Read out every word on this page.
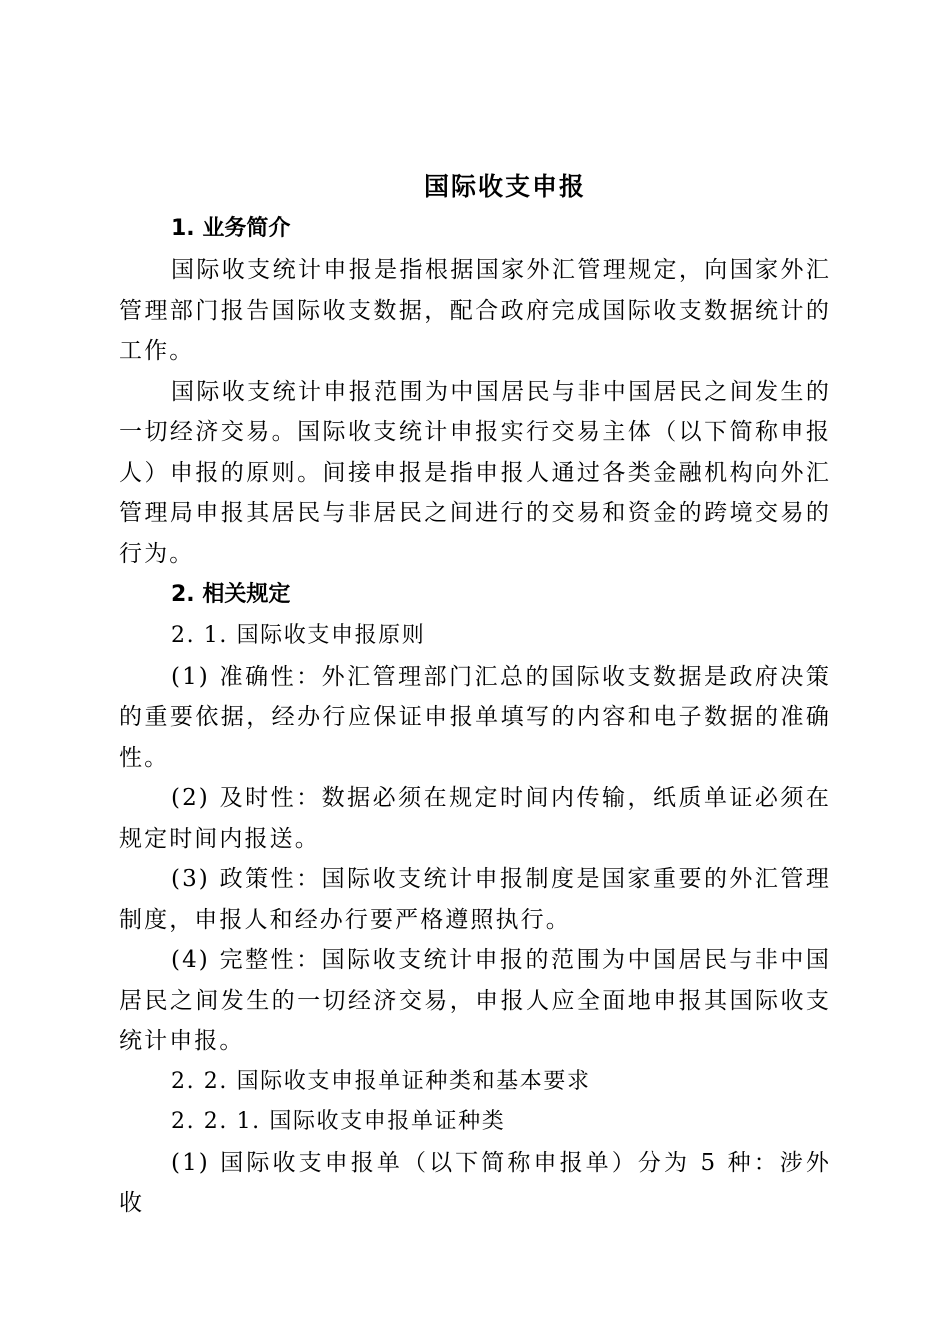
国际收支申报
1. 业务简介

国际收支统计申报是指根据国家外汇管理规定，向国家外汇管理部门报告国际收支数据，配合政府完成国际收支数据统计的工作。

国际收支统计申报范围为中国居民与非中国居民之间发生的一切经济交易。国际收支统计申报实行交易主体（以下简称申报人）申报的原则。间接申报是指申报人通过各类金融机构向外汇管理局申报其居民与非居民之间进行的交易和资金的跨境交易的行为。

2. 相关规定

2. 1. 国际收支申报原则

(1) 准确性：外汇管理部门汇总的国际收支数据是政府决策的重要依据，经办行应保证申报单填写的内容和电子数据的准确性。

(2) 及时性：数据必须在规定时间内传输，纸质单证必须在规定时间内报送。

(3) 政策性：国际收支统计申报制度是国家重要的外汇管理制度，申报人和经办行要严格遵照执行。

(4) 完整性：国际收支统计申报的范围为中国居民与非中国居民之间发生的一切经济交易，申报人应全面地申报其国际收支统计申报。

2. 2. 国际收支申报单证种类和基本要求

2. 2. 1. 国际收支申报单证种类

(1) 国际收支申报单（以下简称申报单）分为 5 种：涉外收
